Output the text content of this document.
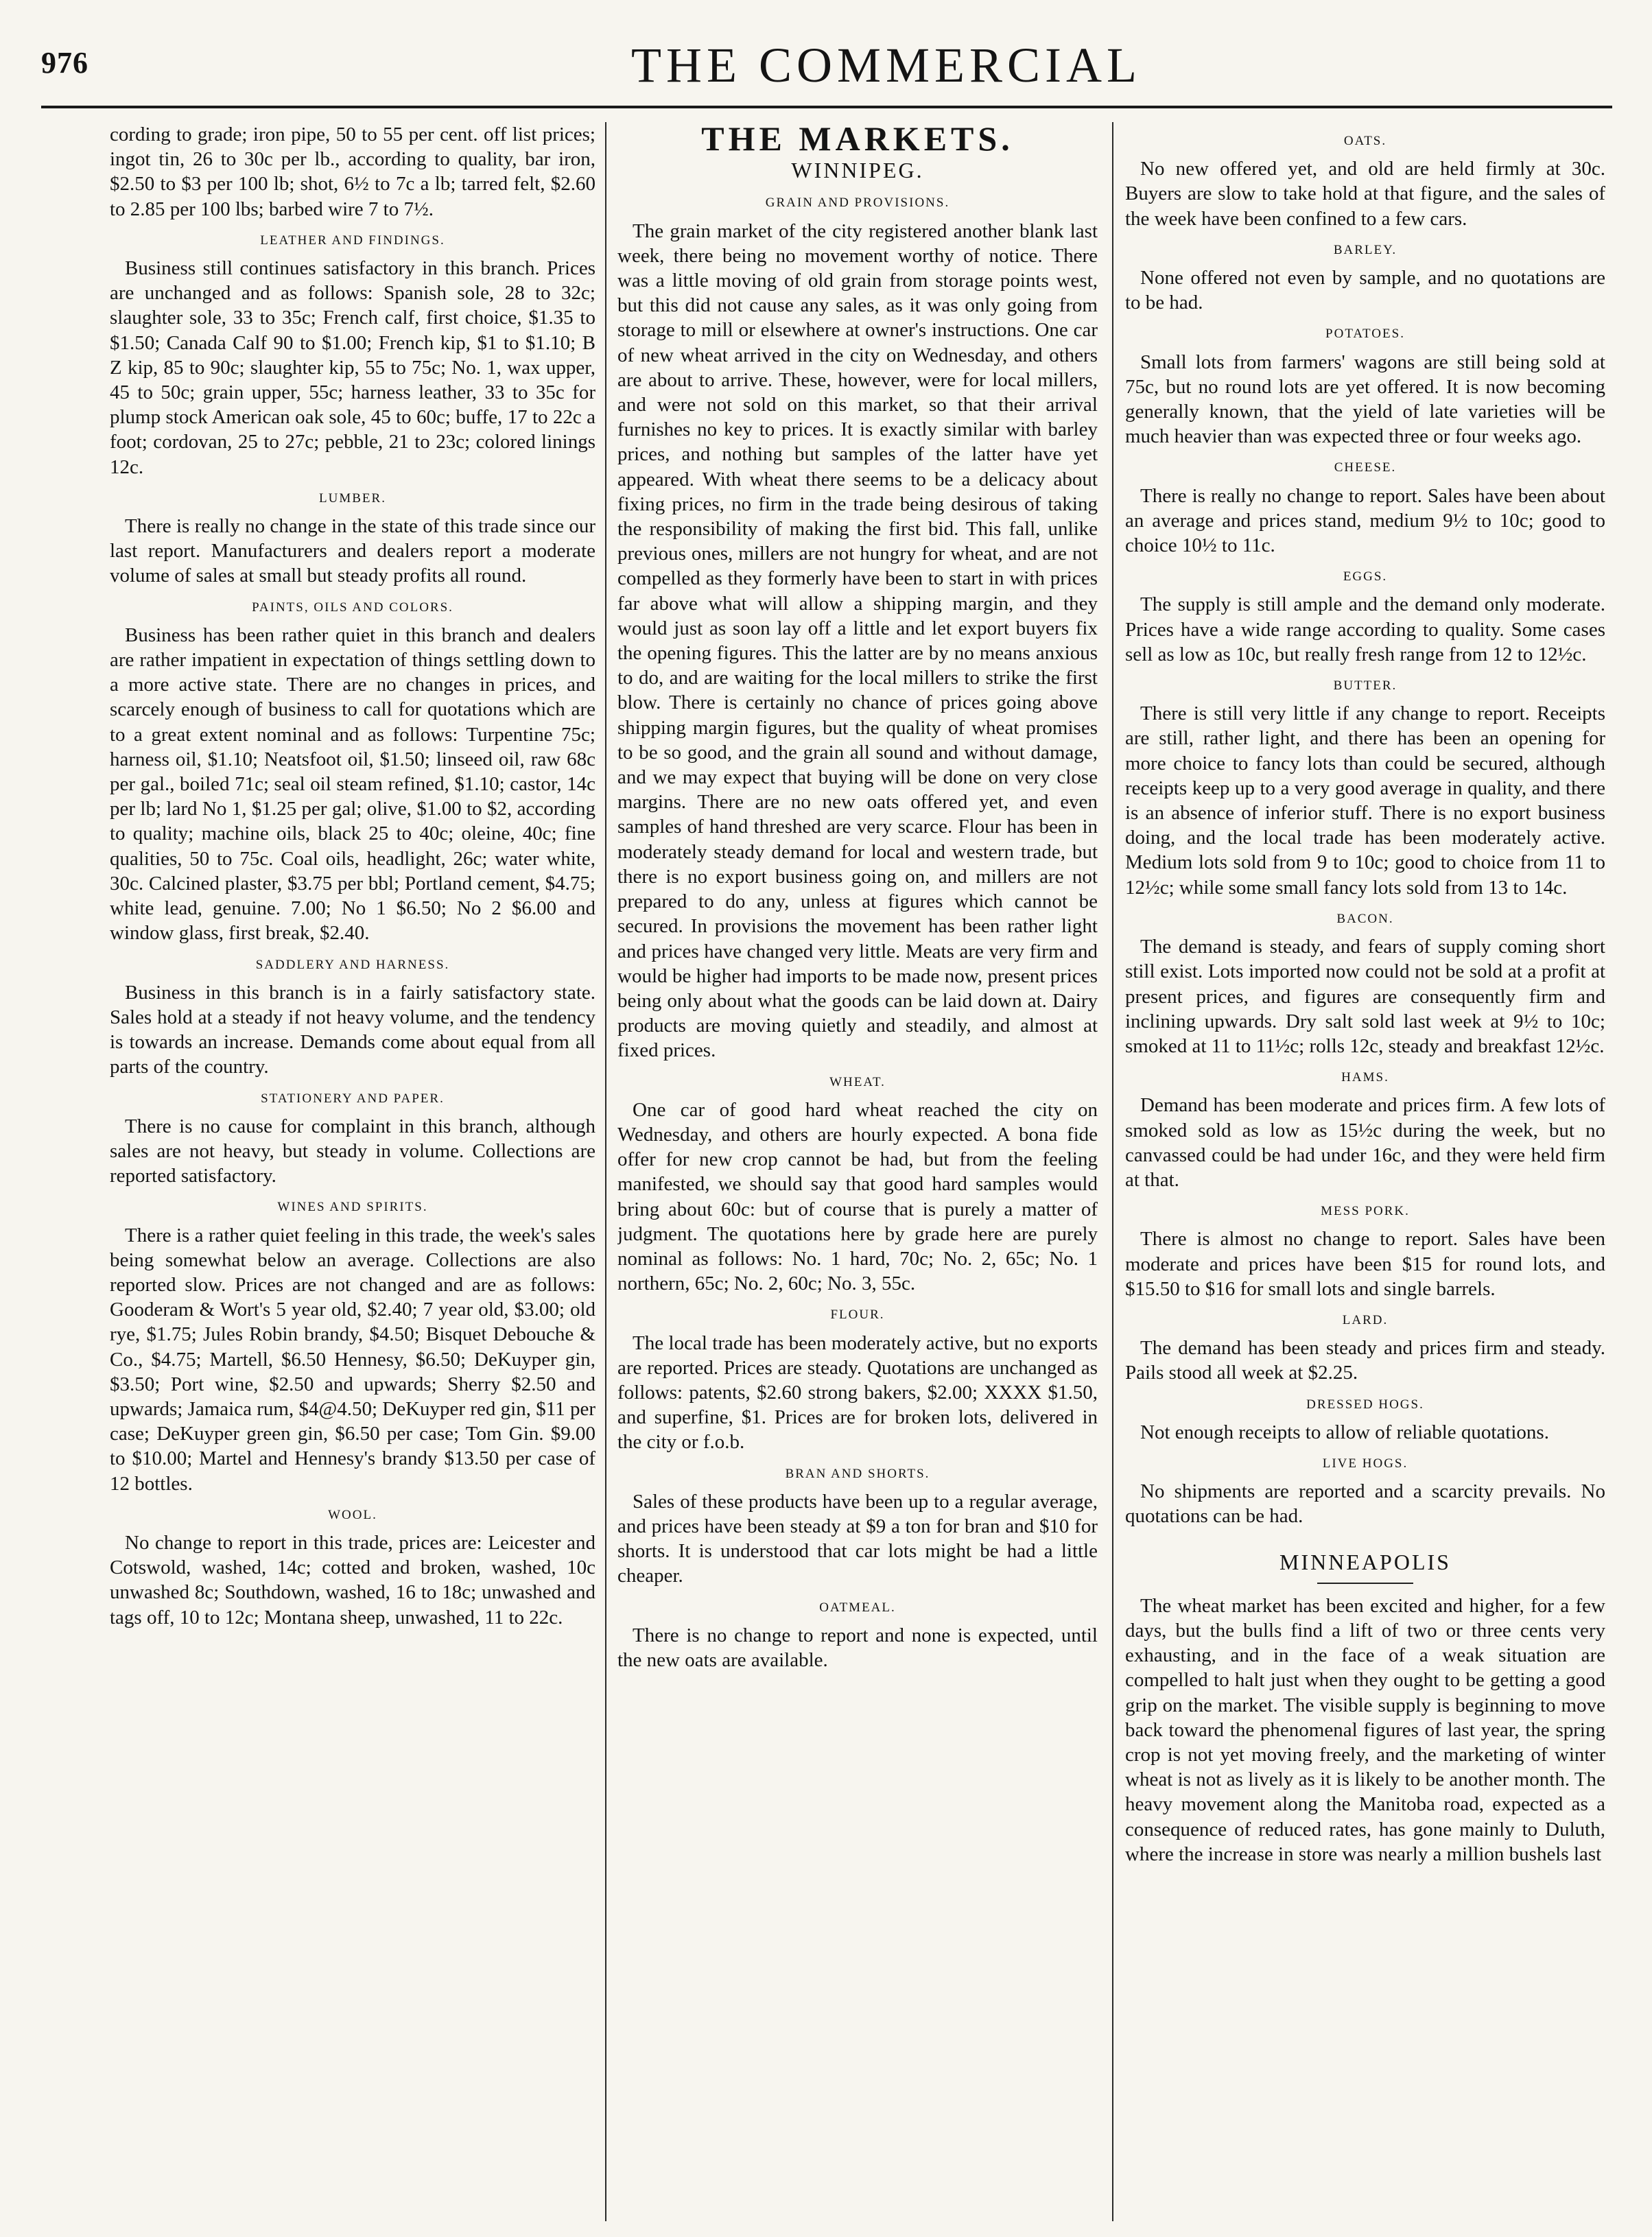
976	THE COMMERCIAL

cording to grade; iron pipe, 50 to 55 per cent. off list prices; ingot tin, 26 to 30c per lb., according to quality, bar iron, $2.50 to $3 per 100 lb; shot, 6½ to 7c a lb; tarred felt, $2.60 to 2.85 per 100 lbs; barbed wire 7 to 7½.

LEATHER AND FINDINGS.

Business still continues satisfactory in this branch. Prices are unchanged and as follows: Spanish sole, 28 to 32c; slaughter sole, 33 to 35c; French calf, first choice, $1.35 to $1.50; Canada Calf 90 to $1.00; French kip, $1 to $1.10; B Z kip, 85 to 90c; slaughter kip, 55 to 75c; No. 1, wax upper, 45 to 50c; grain upper, 55c; harness leather, 33 to 35c for plump stock American oak sole, 45 to 60c; buffe, 17 to 22c a foot; cordovan, 25 to 27c; pebble, 21 to 23c; colored linings 12c.

LUMBER.

There is really no change in the state of this trade since our last report. Manufacturers and dealers report a moderate volume of sales at small but steady profits all round.

PAINTS, OILS AND COLORS.

Business has been rather quiet in this branch and dealers are rather impatient in expectation of things settling down to a more active state. There are no changes in prices, and scarcely enough of business to call for quotations which are to a great extent nominal and as follows: Turpentine 75c; harness oil, $1.10; Neatsfoot oil, $1.50; linseed oil, raw 68c per gal., boiled 71c; seal oil steam refined, $1.10; castor, 14c per lb; lard No 1, $1.25 per gal; olive, $1.00 to $2, according to quality; machine oils, black 25 to 40c; oleine, 40c; fine qualities, 50 to 75c. Coal oils, headlight, 26c; water white, 30c. Calcined plaster, $3.75 per bbl; Portland cement, $4.75; white lead, genuine. 7.00; No 1 $6.50; No 2 $6.00 and window glass, first break, $2.40.

SADDLERY AND HARNESS.

Business in this branch is in a fairly satisfactory state. Sales hold at a steady if not heavy volume, and the tendency is towards an increase. Demands come about equal from all parts of the country.

STATIONERY AND PAPER.

There is no cause for complaint in this branch, although sales are not heavy, but steady in volume. Collections are reported satisfactory.

WINES AND SPIRITS.

There is a rather quiet feeling in this trade, the week's sales being somewhat below an average. Collections are also reported slow. Prices are not changed and are as follows: Gooderam & Wort's 5 year old, $2.40; 7 year old, $3.00; old rye, $1.75; Jules Robin brandy, $4.50; Bisquet Debouche & Co., $4.75; Martell, $6.50 Hennesy, $6.50; DeKuyper gin, $3.50; Port wine, $2.50 and upwards; Sherry $2.50 and upwards; Jamaica rum, $4@4.50; DeKuyper red gin, $11 per case; DeKuyper green gin, $6.50 per case; Tom Gin. $9.00 to $10.00; Martel and Hennesy's brandy $13.50 per case of 12 bottles.

WOOL.

No change to report in this trade, prices are: Leicester and Cotswold, washed, 14c; cotted and broken, washed, 10c unwashed 8c; Southdown, washed, 16 to 18c; unwashed and tags off, 10 to 12c; Montana sheep, unwashed, 11 to 22c.

THE MARKETS.
WINNIPEG.
GRAIN AND PROVISIONS.

The grain market of the city registered another blank last week, there being no movement worthy of notice. There was a little moving of old grain from storage points west, but this did not cause any sales, as it was only going from storage to mill or elsewhere at owner's instructions. One car of new wheat arrived in the city on Wednesday, and others are about to arrive. These, however, were for local millers, and were not sold on this market, so that their arrival furnishes no key to prices. It is exactly similar with barley prices, and nothing but samples of the latter have yet appeared. With wheat there seems to be a delicacy about fixing prices, no firm in the trade being desirous of taking the responsibility of making the first bid. This fall, unlike previous ones, millers are not hungry for wheat, and are not compelled as they formerly have been to start in with prices far above what will allow a shipping margin, and they would just as soon lay off a little and let export buyers fix the opening figures. This the latter are by no means anxious to do, and are waiting for the local millers to strike the first blow. There is certainly no chance of prices going above shipping margin figures, but the quality of wheat promises to be so good, and the grain all sound and without damage, and we may expect that buying will be done on very close margins. There are no new oats offered yet, and even samples of hand threshed are very scarce. Flour has been in moderately steady demand for local and western trade, but there is no export business going on, and millers are not prepared to do any, unless at figures which cannot be secured. In provisions the movement has been rather light and prices have changed very little. Meats are very firm and would be higher had imports to be made now, present prices being only about what the goods can be laid down at. Dairy products are moving quietly and steadily, and almost at fixed prices.

WHEAT.

One car of good hard wheat reached the city on Wednesday, and others are hourly expected. A bona fide offer for new crop cannot be had, but from the feeling manifested, we should say that good hard samples would bring about 60c: but of course that is purely a matter of judgment. The quotations here by grade here are purely nominal as follows: No. 1 hard, 70c; No. 2, 65c; No. 1 northern, 65c; No. 2, 60c; No. 3, 55c.

FLOUR.

The local trade has been moderately active, but no exports are reported. Prices are steady. Quotations are unchanged as follows: patents, $2.60 strong bakers, $2.00; XXXX $1.50, and superfine, $1. Prices are for broken lots, delivered in the city or f.o.b.

BRAN AND SHORTS.

Sales of these products have been up to a regular average, and prices have been steady at $9 a ton for bran and $10 for shorts. It is understood that car lots might be had a little cheaper.

OATMEAL.

There is no change to report and none is expected, until the new oats are available.

OATS.

No new offered yet, and old are held firmly at 30c. Buyers are slow to take hold at that figure, and the sales of the week have been confined to a few cars.

BARLEY.

None offered not even by sample, and no quotations are to be had.

POTATOES.

Small lots from farmers' wagons are still being sold at 75c, but no round lots are yet offered. It is now becoming generally known, that the yield of late varieties will be much heavier than was expected three or four weeks ago.

CHEESE.

There is really no change to report. Sales have been about an average and prices stand, medium 9½ to 10c; good to choice 10½ to 11c.

EGGS.

The supply is still ample and the demand only moderate. Prices have a wide range according to quality. Some cases sell as low as 10c, but really fresh range from 12 to 12½c.

BUTTER.

There is still very little if any change to report. Receipts are still, rather light, and there has been an opening for more choice to fancy lots than could be secured, although receipts keep up to a very good average in quality, and there is an absence of inferior stuff. There is no export business doing, and the local trade has been moderately active. Medium lots sold from 9 to 10c; good to choice from 11 to 12½c; while some small fancy lots sold from 13 to 14c.

BACON.

The demand is steady, and fears of supply coming short still exist. Lots imported now could not be sold at a profit at present prices, and figures are consequently firm and inclining upwards. Dry salt sold last week at 9½ to 10c; smoked at 11 to 11½c; rolls 12c, steady and breakfast 12½c.

HAMS.

Demand has been moderate and prices firm. A few lots of smoked sold as low as 15½c during the week, but no canvassed could be had under 16c, and they were held firm at that.

MESS PORK.

There is almost no change to report. Sales have been moderate and prices have been $15 for round lots, and $15.50 to $16 for small lots and single barrels.

LARD.

The demand has been steady and prices firm and steady. Pails stood all week at $2.25.

DRESSED HOGS.

Not enough receipts to allow of reliable quotations.

LIVE HOGS.

No shipments are reported and a scarcity prevails. No quotations can be had.

MINNEAPOLIS

The wheat market has been excited and higher, for a few days, but the bulls find a lift of two or three cents very exhausting, and in the face of a weak situation are compelled to halt just when they ought to be getting a good grip on the market. The visible supply is beginning to move back toward the phenomenal figures of last year, the spring crop is not yet moving freely, and the marketing of winter wheat is not as lively as it is likely to be another month. The heavy movement along the Manitoba road, expected as a consequence of reduced rates, has gone mainly to Duluth, where the increase in store was nearly a million bushels last
